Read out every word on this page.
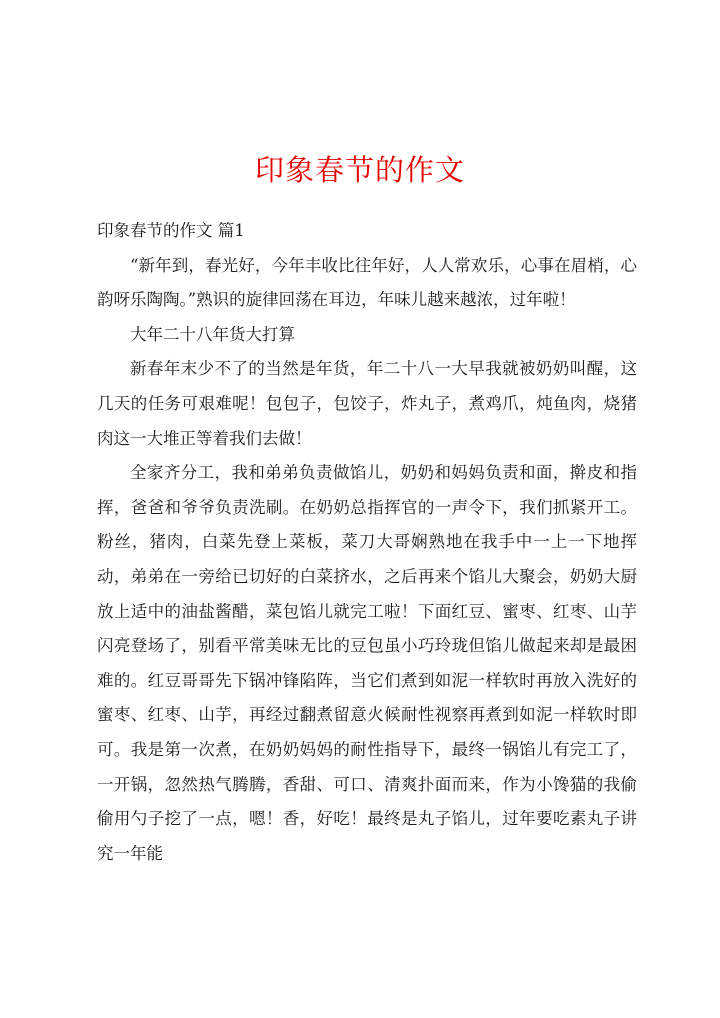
印象春节的作文

印象春节的作文 篇1

“新年到，春光好，今年丰收比往年好，人人常欢乐，心事在眉梢，心韵呀乐陶陶。”熟识的旋律回荡在耳边，年味儿越来越浓，过年啦！

大年二十八年货大打算

新春年末少不了的当然是年货，年二十八一大早我就被奶奶叫醒，这几天的任务可艰难呢！包包子，包饺子，炸丸子，煮鸡爪，炖鱼肉，烧猪肉这一大堆正等着我们去做！

全家齐分工，我和弟弟负责做馅儿，奶奶和妈妈负责和面，擀皮和指挥，爸爸和爷爷负责洗刷。在奶奶总指挥官的一声令下，我们抓紧开工。粉丝，猪肉，白菜先登上菜板，菜刀大哥娴熟地在我手中一上一下地挥动，弟弟在一旁给已切好的白菜挤水，之后再来个馅儿大聚会，奶奶大厨放上适中的油盐酱醋，菜包馅儿就完工啦！下面红豆、蜜枣、红枣、山芋闪亮登场了，别看平常美味无比的豆包虽小巧玲珑但馅儿做起来却是最困难的。红豆哥哥先下锅冲锋陷阵，当它们煮到如泥一样软时再放入洗好的蜜枣、红枣、山芋，再经过翻煮留意火候耐性视察再煮到如泥一样软时即可。我是第一次煮，在奶奶妈妈的耐性指导下，最终一锅馅儿有完工了，一开锅，忽然热气腾腾，香甜、可口、清爽扑面而来，作为小馋猫的我偷偷用勺子挖了一点，嗯！香，好吃！最终是丸子馅儿，过年要吃素丸子讲究一年能
